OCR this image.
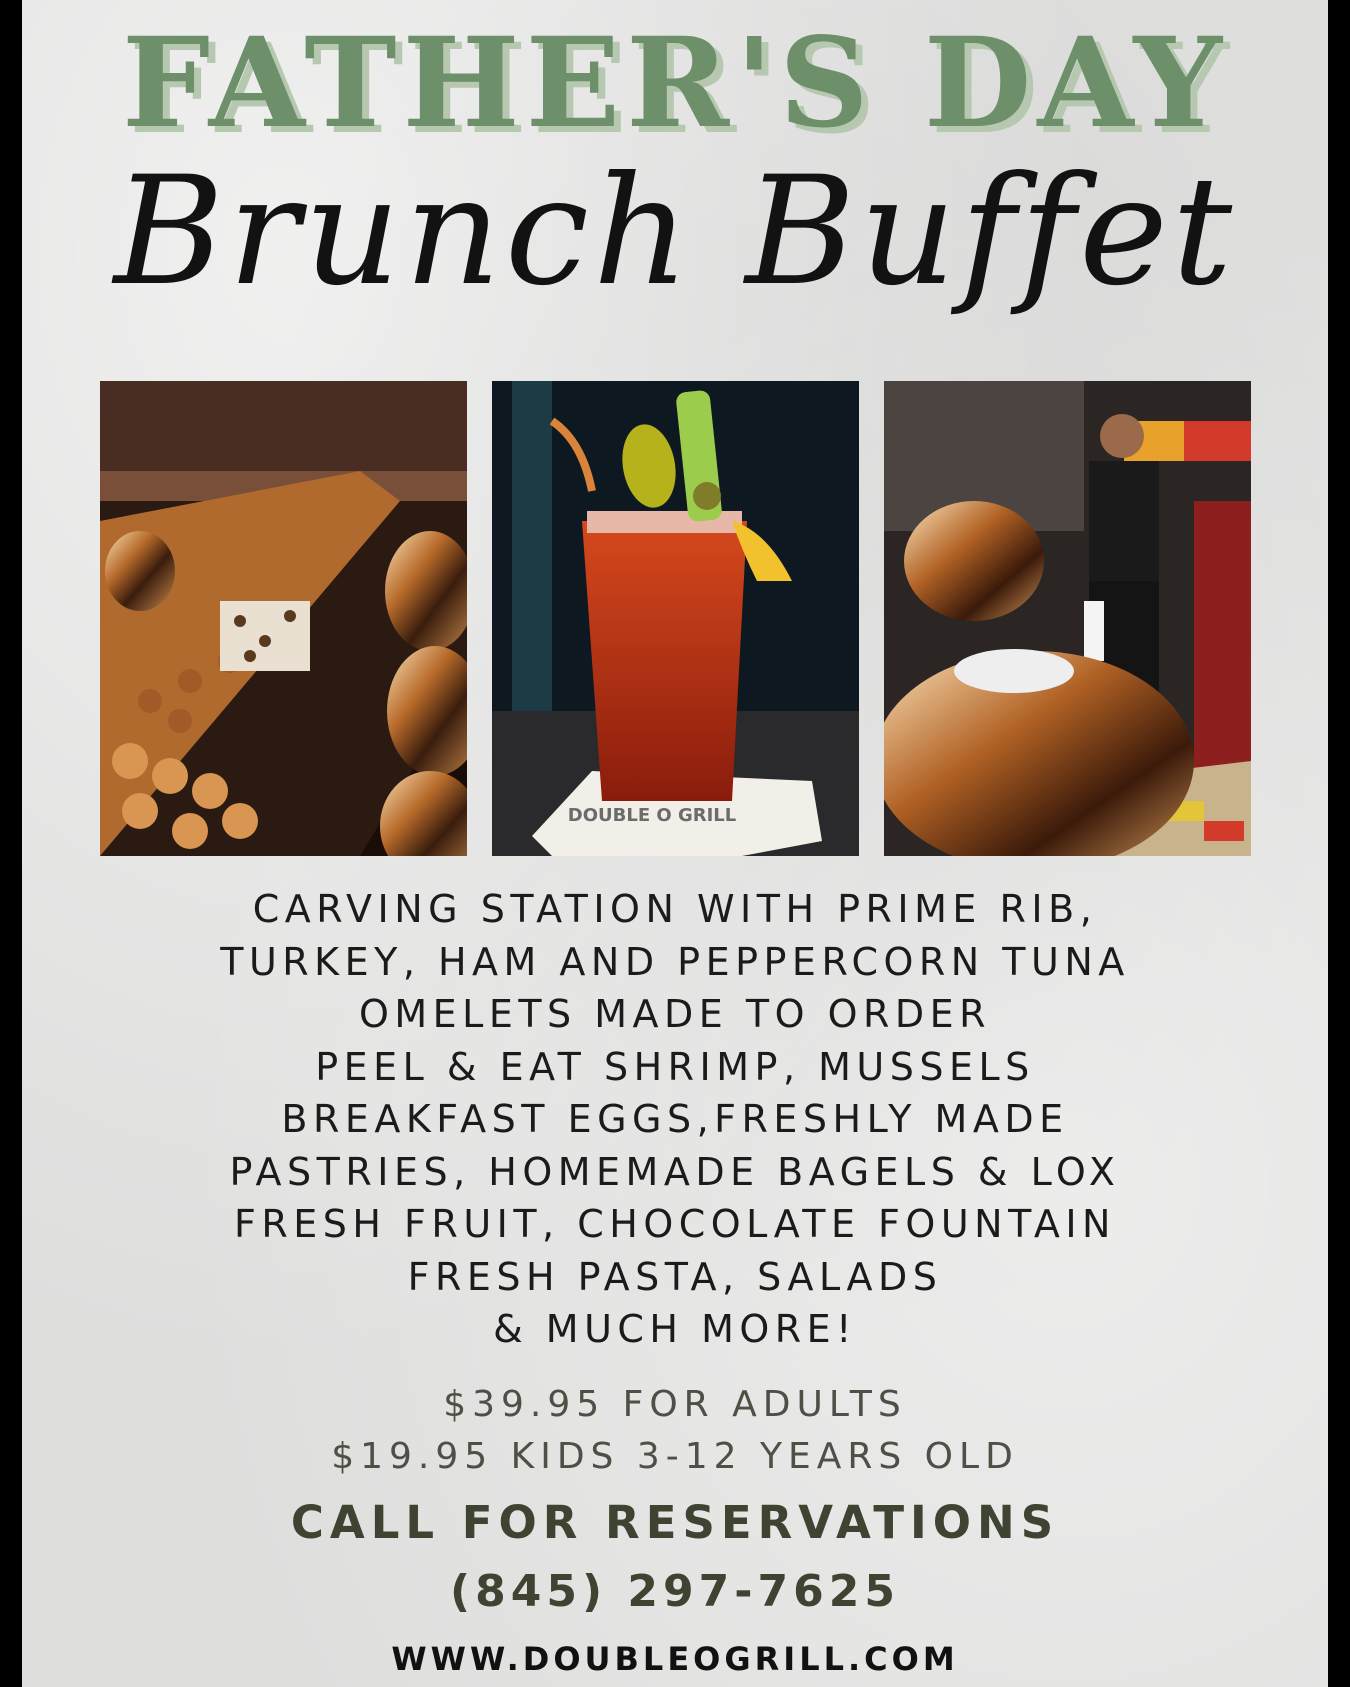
FATHER'S DAY
Brunch Buffet
DOUBLE O GRILL
CARVING STATION WITH PRIME RIB,
TURKEY, HAM AND PEPPERCORN TUNA
OMELETS MADE TO ORDER
PEEL & EAT SHRIMP, MUSSELS
BREAKFAST EGGS,FRESHLY MADE
PASTRIES, HOMEMADE BAGELS & LOX
FRESH FRUIT, CHOCOLATE FOUNTAIN
FRESH PASTA, SALADS
& MUCH MORE!
$39.95 FOR ADULTS
$19.95 KIDS 3-12 YEARS OLD
CALL FOR RESERVATIONS
(845) 297-7625
WWW.DOUBLEOGRILL.COM
